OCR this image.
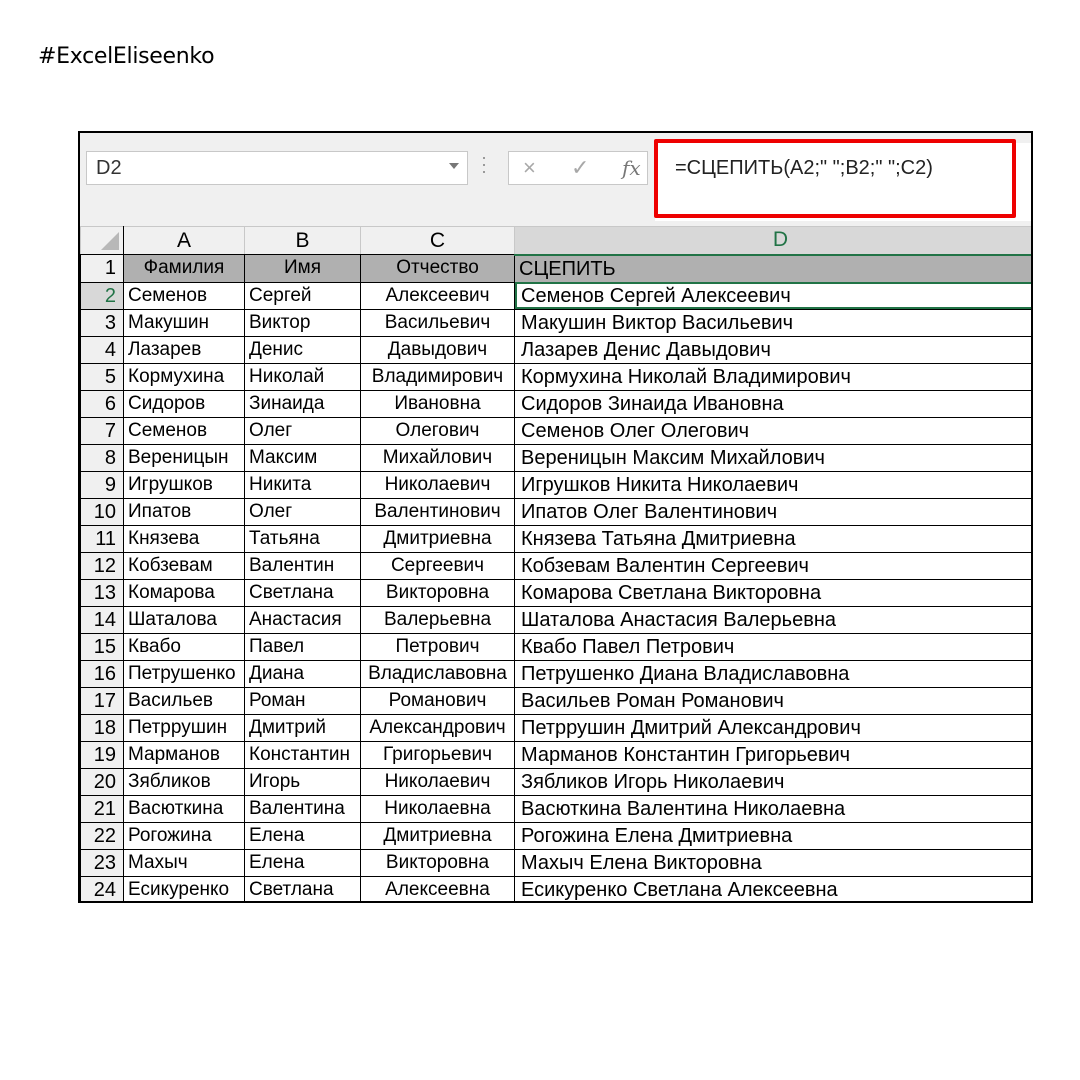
#ExcelEliseenko
D2	× ✓ fx =СЦЕПИТЬ(A2;" ";B2;" ";C2)
	A	B	C	D
1	Фамилия	Имя	Отчество	СЦЕПИТЬ
2	Семенов	Сергей	Алексеевич	Семенов Сергей Алексеевич
3	Макушин	Виктор	Васильевич	Макушин Виктор Васильевич
4	Лазарев	Денис	Давыдович	Лазарев Денис Давыдович
5	Кормухина	Николай	Владимирович	Кормухина Николай Владимирович
6	Сидоров	Зинаида	Ивановна	Сидоров Зинаида Ивановна
7	Семенов	Олег	Олегович	Семенов Олег Олегович
8	Вереницын	Максим	Михайлович	Вереницын Максим Михайлович
9	Игрушков	Никита	Николаевич	Игрушков Никита Николаевич
10	Ипатов	Олег	Валентинович	Ипатов Олег Валентинович
11	Князева	Татьяна	Дмитриевна	Князева Татьяна Дмитриевна
12	Кобзевам	Валентин	Сергеевич	Кобзевам Валентин Сергеевич
13	Комарова	Светлана	Викторовна	Комарова Светлана Викторовна
14	Шаталова	Анастасия	Валерьевна	Шаталова Анастасия Валерьевна
15	Квабо	Павел	Петрович	Квабо Павел Петрович
16	Петрушенко	Диана	Владиславовна	Петрушенко Диана Владиславовна
17	Васильев	Роман	Романович	Васильев Роман Романович
18	Петррушин	Дмитрий	Александрович	Петррушин Дмитрий Александрович
19	Марманов	Константин	Григорьевич	Марманов Константин Григорьевич
20	Зябликов	Игорь	Николаевич	Зябликов Игорь Николаевич
21	Васюткина	Валентина	Николаевна	Васюткина Валентина Николаевна
22	Рогожина	Елена	Дмитриевна	Рогожина Елена Дмитриевна
23	Махыч	Елена	Викторовна	Махыч Елена Викторовна
24	Есикуренко	Светлана	Алексеевна	Есикуренко Светлана Алексеевна
